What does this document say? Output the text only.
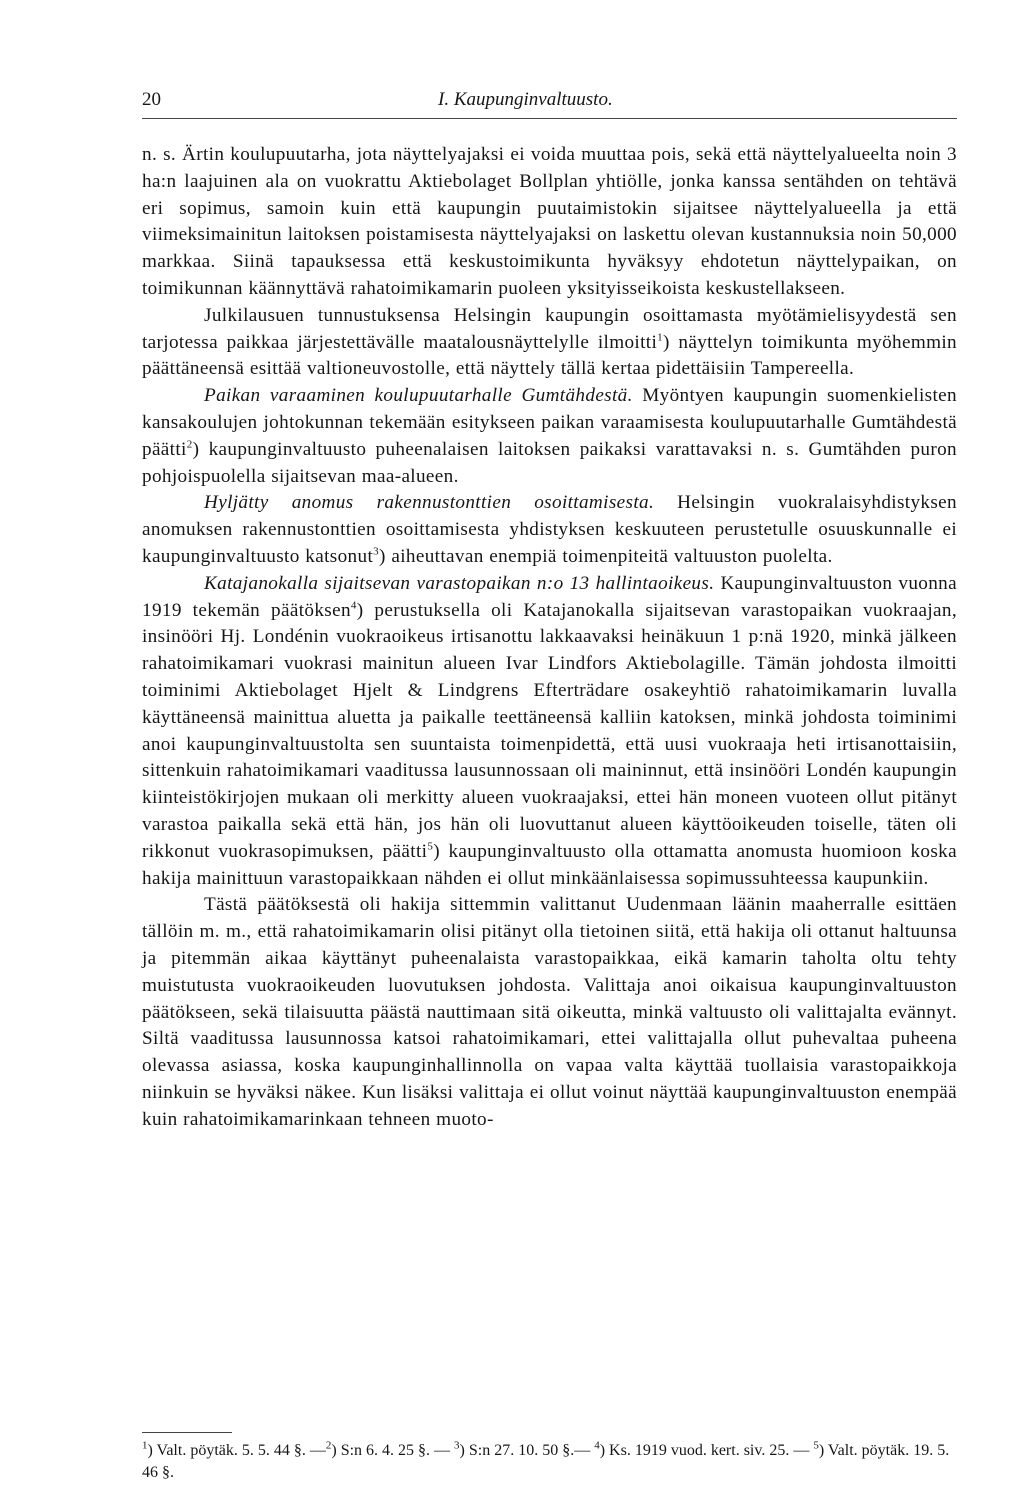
20	I. Kaupunginvaltuusto.

n. s. Ärtin koulupuutarha, jota näyttelyajaksi ei voida muuttaa pois, sekä että näyttelyalueelta noin 3 ha:n laajuinen ala on vuokrattu Aktiebolaget Bollplan yhtiölle, jonka kanssa sentähden on tehtävä eri sopimus, samoin kuin että kaupungin puutaimistokin sijaitsee näyttelyalueella ja että viimeksimainitun laitoksen poistamisesta näyttelyajaksi on laskettu olevan kustannuksia noin 50,000 markkaa. Siinä tapauksessa että keskustoimikunta hyväksyy ehdotetun näyttelypaikan, on toimikunnan käännyttävä rahatoimikamarin puoleen yksityisseikoista keskustellakseen.

Julkilausuen tunnustuksensa Helsingin kaupungin osoittamasta myötämielisyydestä sen tarjotessa paikkaa järjestettävälle maatalousnäyttelylle ilmoitti$^1$) näyttelyn toimikunta myöhemmin päättäneensä esittää valtioneuvostolle, että näyttely tällä kertaa pidettäisiin Tampereella.

Paikan varaaminen koulupuutarhalle Gumtähdestä. Myöntyen kaupungin suomenkielisten kansakoulujen johtokunnan tekemään esitykseen paikan varaamisesta koulupuutarhalle Gumtähdestä päätti$^2$) kaupunginvaltuusto puheenalaisen laitoksen paikaksi varattavaksi n. s. Gumtähden puron pohjoispuolella sijaitsevan maa-alueen.

Hyljätty anomus rakennustonttien osoittamisesta. Helsingin vuokralaisyhdistyksen anomuksen rakennustonttien osoittamisesta yhdistyksen keskuuteen perustetulle osuuskunnalle ei kaupunginvaltuusto katsonut$^3$) aiheuttavan enempiä toimenpiteitä valtuuston puolelta.

Katajanokalla sijaitsevan varastopaikan n:o 13 hallintaoikeus. Kaupunginvaltuuston vuonna 1919 tekemän päätöksen$^4$) perustuksella oli Katajanokalla sijaitsevan varastopaikan vuokraajan, insinööri Hj. Londénin vuokraoikeus irtisanottu lakkaavaksi heinäkuun 1 p:nä 1920, minkä jälkeen rahatoimikamari vuokrasi mainitun alueen Ivar Lindfors Aktiebolagille. Tämän johdosta ilmoitti toiminimi Aktiebolaget Hjelt & Lindgrens Efterträdare osakeyhtiö rahatoimikamarin luvalla käyttäneensä mainittua aluetta ja paikalle teettäneensä kalliin katoksen, minkä johdosta toiminimi anoi kaupunginvaltuustolta sen suuntaista toimenpidettä, että uusi vuokraaja heti irtisanottaisiin, sittenkuin rahatoimikamari vaaditussa lausunnossaan oli maininnut, että insinööri Londén kaupungin kiinteistökirjojen mukaan oli merkitty alueen vuokraajaksi, ettei hän moneen vuoteen ollut pitänyt varastoa paikalla sekä että hän, jos hän oli luovuttanut alueen käyttöoikeuden toiselle, täten oli rikkonut vuokrasopimuksen, päätti$^5$) kaupunginvaltuusto olla ottamatta anomusta huomioon koska hakija mainittuun varastopaikkaan nähden ei ollut minkäänlaisessa sopimussuhteessa kaupunkiin.

Tästä päätöksestä oli hakija sittemmin valittanut Uudenmaan läänin maaherralle esittäen tällöin m. m., että rahatoimikamarin olisi pitänyt olla tietoinen siitä, että hakija oli ottanut haltuunsa ja pitemmän aikaa käyttänyt puheenalaista varastopaikkaa, eikä kamarin taholta oltu tehty muistutusta vuokraoikeuden luovutuksen johdosta. Valittaja anoi oikaisua kaupunginvaltuuston päätökseen, sekä tilaisuutta päästä nauttimaan sitä oikeutta, minkä valtuusto oli valittajalta evännyt. Siltä vaaditussa lausunnossa katsoi rahatoimikamari, ettei valittajalla ollut puhevaltaa puheena olevassa asiassa, koska kaupunginhallinnolla on vapaa valta käyttää tuollaisia varastopaikkoja niinkuin se hyväksi näkee. Kun lisäksi valittaja ei ollut voinut näyttää kaupunginvaltuuston enempää kuin rahatoimikamarinkaan tehneen muoto-

$^1$) Valt. pöytäk. 5. 5. 44 §. —$^2$) S:n 6. 4. 25 §. — $^3$) S:n 27. 10. 50 §.— $^4$) Ks. 1919 vuod. kert. siv. 25. — $^5$) Valt. pöytäk. 19. 5. 46 §.
